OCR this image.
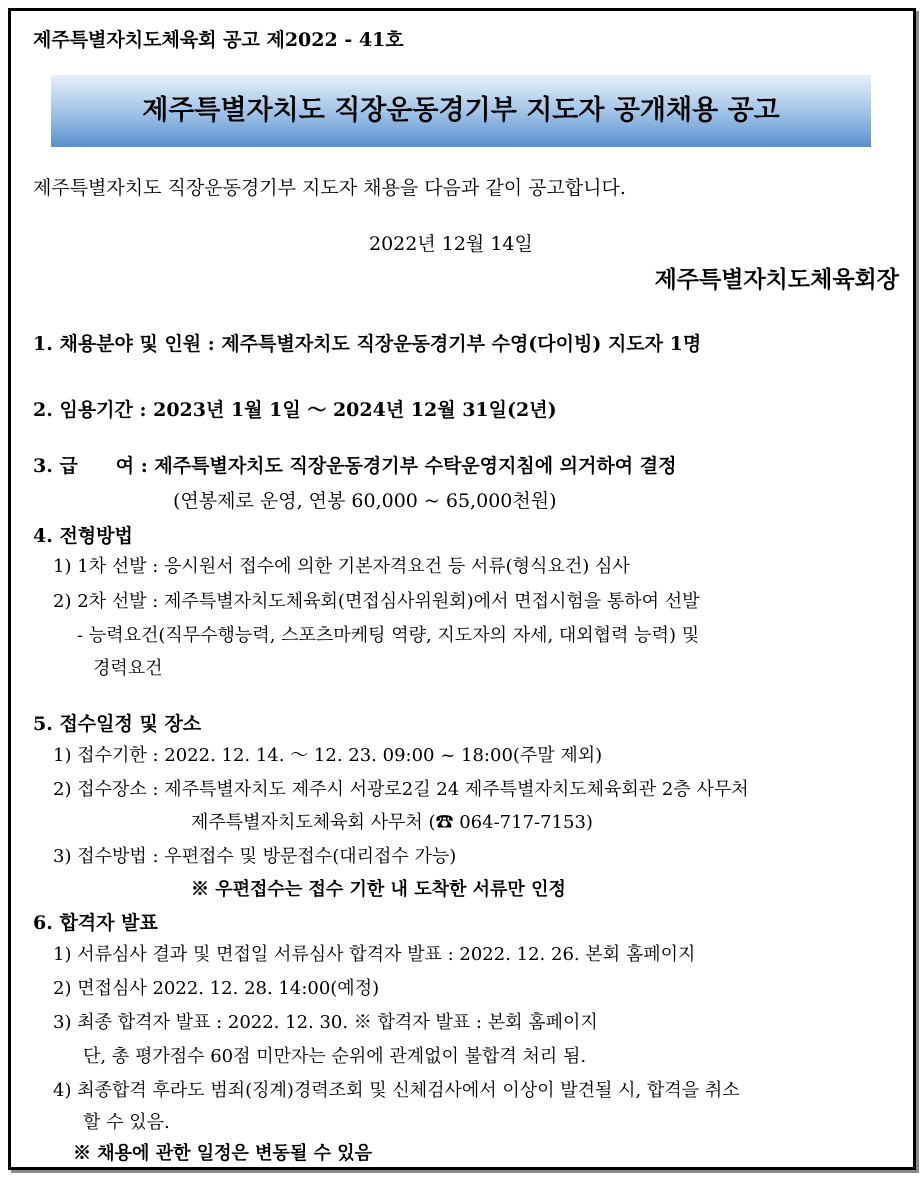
제주특별자치도체육회 공고 제2022 - 41호
제주특별자치도 직장운동경기부 지도자 공개채용 공고
제주특별자치도 직장운동경기부 지도자 채용을 다음과 같이 공고합니다.
2022년 12월 14일
제주특별자치도체육회장
1. 채용분야 및 인원 : 제주특별자치도 직장운동경기부 수영(다이빙) 지도자 1명
2. 임용기간 : 2023년 1월 1일 ～ 2024년 12월 31일(2년)
3. 급　　여 : 제주특별자치도 직장운동경기부 수탁운영지침에 의거하여 결정
(연봉제로 운영, 연봉 60,000 ~ 65,000천원)
4. 전형방법
1) 1차 선발 : 응시원서 접수에 의한 기본자격요건 등 서류(형식요건) 심사
2) 2차 선발 : 제주특별자치도체육회(면접심사위원회)에서 면접시험을 통하여 선발
- 능력요건(직무수행능력, 스포츠마케팅 역량, 지도자의 자세, 대외협력 능력) 및
경력요건
5. 접수일정 및 장소
1) 접수기한 : 2022. 12. 14. ～ 12. 23. 09:00 ~ 18:00(주말 제외)
2) 접수장소 : 제주특별자치도 제주시 서광로2길 24 제주특별자치도체육회관 2층 사무처
제주특별자치도체육회 사무처 (☎ 064-717-7153)
3) 접수방법 : 우편접수 및 방문접수(대리접수 가능)
※ 우편접수는 접수 기한 내 도착한 서류만 인정
6. 합격자 발표
1) 서류심사 결과 및 면접일 서류심사 합격자 발표 : 2022. 12. 26. 본회 홈페이지
2) 면접심사 2022. 12. 28. 14:00(예정)
3) 최종 합격자 발표 : 2022. 12. 30. ※ 합격자 발표 : 본회 홈페이지
단, 총 평가점수 60점 미만자는 순위에 관계없이 불합격 처리 됨.
4) 최종합격 후라도 범죄(징계)경력조회 및 신체검사에서 이상이 발견될 시, 합격을 취소
할 수 있음.
※ 채용에 관한 일정은 변동될 수 있음
